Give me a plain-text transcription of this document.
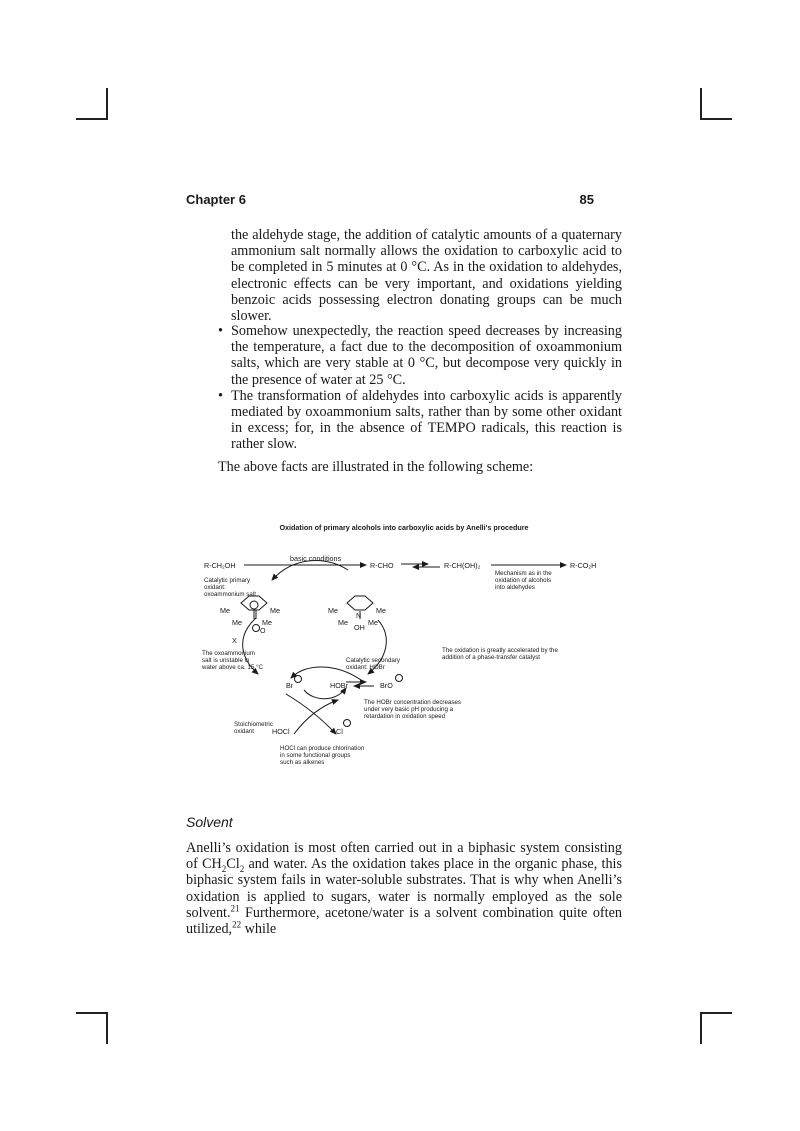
Chapter 6	85
the aldehyde stage, the addition of catalytic amounts of a quaternary ammonium salt normally allows the oxidation to carboxylic acid to be completed in 5 minutes at 0 °C. As in the oxidation to aldehydes, electronic effects can be very important, and oxidations yielding benzoic acids possessing electron donating groups can be much slower.
• Somehow unexpectedly, the reaction speed decreases by increasing the temperature, a fact due to the decomposition of oxoammonium salts, which are very stable at 0 °C, but decompose very quickly in the presence of water at 25 °C.
• The transformation of aldehydes into carboxylic acids is apparently mediated by oxoammonium salts, rather than by some other oxidant in excess; for, in the absence of TEMPO radicals, this reaction is rather slow.
The above facts are illustrated in the following scheme:
Oxidation of primary alcohols into carboxylic acids by Anelli's procedure
R-CH₂OH
basic conditions
R-CHO	R-CH(OH)₂	R-CO₂H
Mechanism as in the
oxidation of alcohols
into aldehydes
Catalytic primary
oxidant:
oxoammonium salt
Me	Me
Me	Me
O
X
Me	Me
Me	Me
N
OH
The oxoammonium
salt is unstable in
water above ca. 15 °C
Catalytic secondary
oxidant: HOBr
The oxidation is greatly accelerated by the
addition of a phase-transfer catalyst
Br	HOBr	BrO
The HOBr concentration decreases
under very basic pH producing a
retardation in oxidation speed
Stoichiometric
oxidant	HOCl	Cl
HOCl can produce chlorination
in some functional groups
such as alkenes
Solvent
Anelli’s oxidation is most often carried out in a biphasic system consisting of $CH_2Cl_2$ and water. As the oxidation takes place in the organic phase, this biphasic system fails in water-soluble substrates. That is why when Anelli’s oxidation is applied to sugars, water is normally employed as the sole solvent.$^{21}$ Furthermore, acetone/water is a solvent combination quite often utilized,$^{22}$ while
